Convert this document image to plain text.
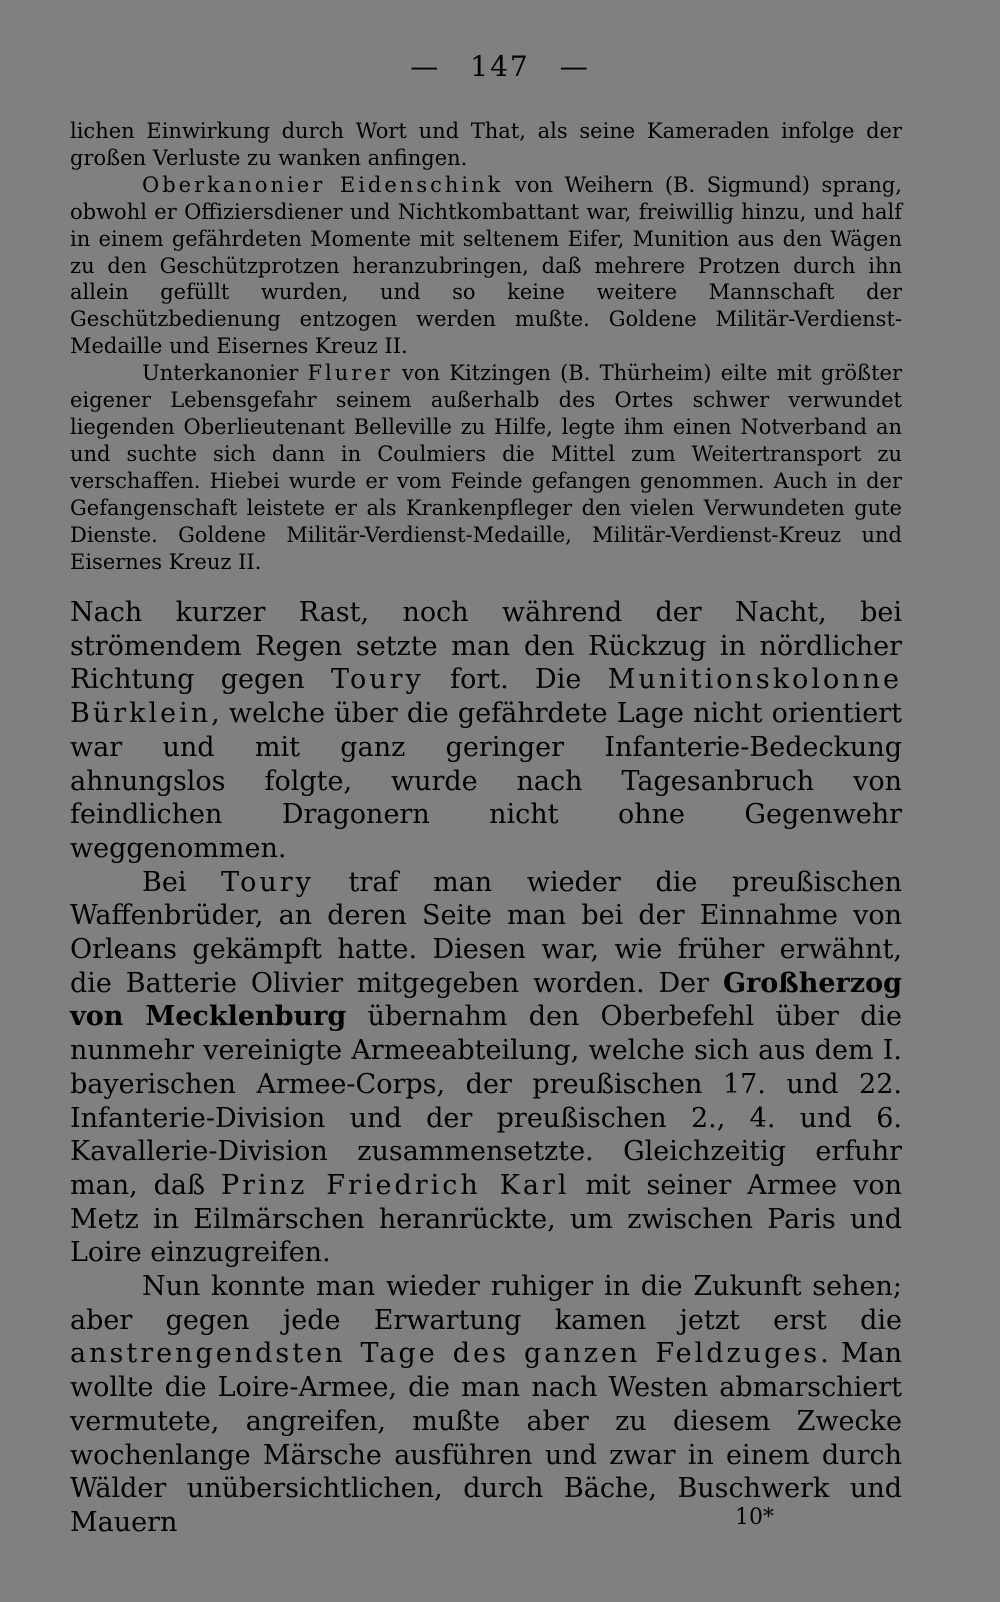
— 147 —

lichen Einwirkung durch Wort und That, als seine Kameraden infolge der großen Verluste zu wanken anfingen.

Oberkanonier Eidenschink von Weihern (B. Sigmund) sprang, obwohl er Offiziersdiener und Nichtkombattant war, freiwillig hinzu, und half in einem gefährdeten Momente mit seltenem Eifer, Munition aus den Wägen zu den Geschützprotzen heranzubringen, daß mehrere Protzen durch ihn allein gefüllt wurden, und so keine weitere Mannschaft der Geschützbedienung entzogen werden mußte. Goldene Militär-Verdienst-Medaille und Eisernes Kreuz II.

Unterkanonier Flurer von Kitzingen (B. Thürheim) eilte mit größter eigener Lebensgefahr seinem außerhalb des Ortes schwer verwundet liegenden Oberlieutenant Belleville zu Hilfe, legte ihm einen Notverband an und suchte sich dann in Coulmiers die Mittel zum Weitertransport zu verschaffen. Hiebei wurde er vom Feinde gefangen genommen. Auch in der Gefangenschaft leistete er als Krankenpfleger den vielen Verwundeten gute Dienste. Goldene Militär-Verdienst-Medaille, Militär-Verdienst-Kreuz und Eisernes Kreuz II.

Nach kurzer Rast, noch während der Nacht, bei strömendem Regen setzte man den Rückzug in nördlicher Richtung gegen Toury fort. Die Munitionskolonne Bürklein, welche über die gefährdete Lage nicht orientiert war und mit ganz geringer Infanterie-Bedeckung ahnungslos folgte, wurde nach Tagesanbruch von feindlichen Dragonern nicht ohne Gegenwehr weggenommen.

Bei Toury traf man wieder die preußischen Waffenbrüder, an deren Seite man bei der Einnahme von Orleans gekämpft hatte. Diesen war, wie früher erwähnt, die Batterie Olivier mitgegeben worden. Der Großherzog von Mecklenburg übernahm den Oberbefehl über die nunmehr vereinigte Armeeabteilung, welche sich aus dem I. bayerischen Armee-Corps, der preußischen 17. und 22. Infanterie-Division und der preußischen 2., 4. und 6. Kavallerie-Division zusammensetzte. Gleichzeitig erfuhr man, daß Prinz Friedrich Karl mit seiner Armee von Metz in Eilmärschen heranrückte, um zwischen Paris und Loire einzugreifen.

Nun konnte man wieder ruhiger in die Zukunft sehen; aber gegen jede Erwartung kamen jetzt erst die anstrengendsten Tage des ganzen Feldzuges. Man wollte die Loire-Armee, die man nach Westen abmarschiert vermutete, angreifen, mußte aber zu diesem Zwecke wochenlange Märsche ausführen und zwar in einem durch Wälder unübersichtlichen, durch Bäche, Buschwerk und Mauern	10*
